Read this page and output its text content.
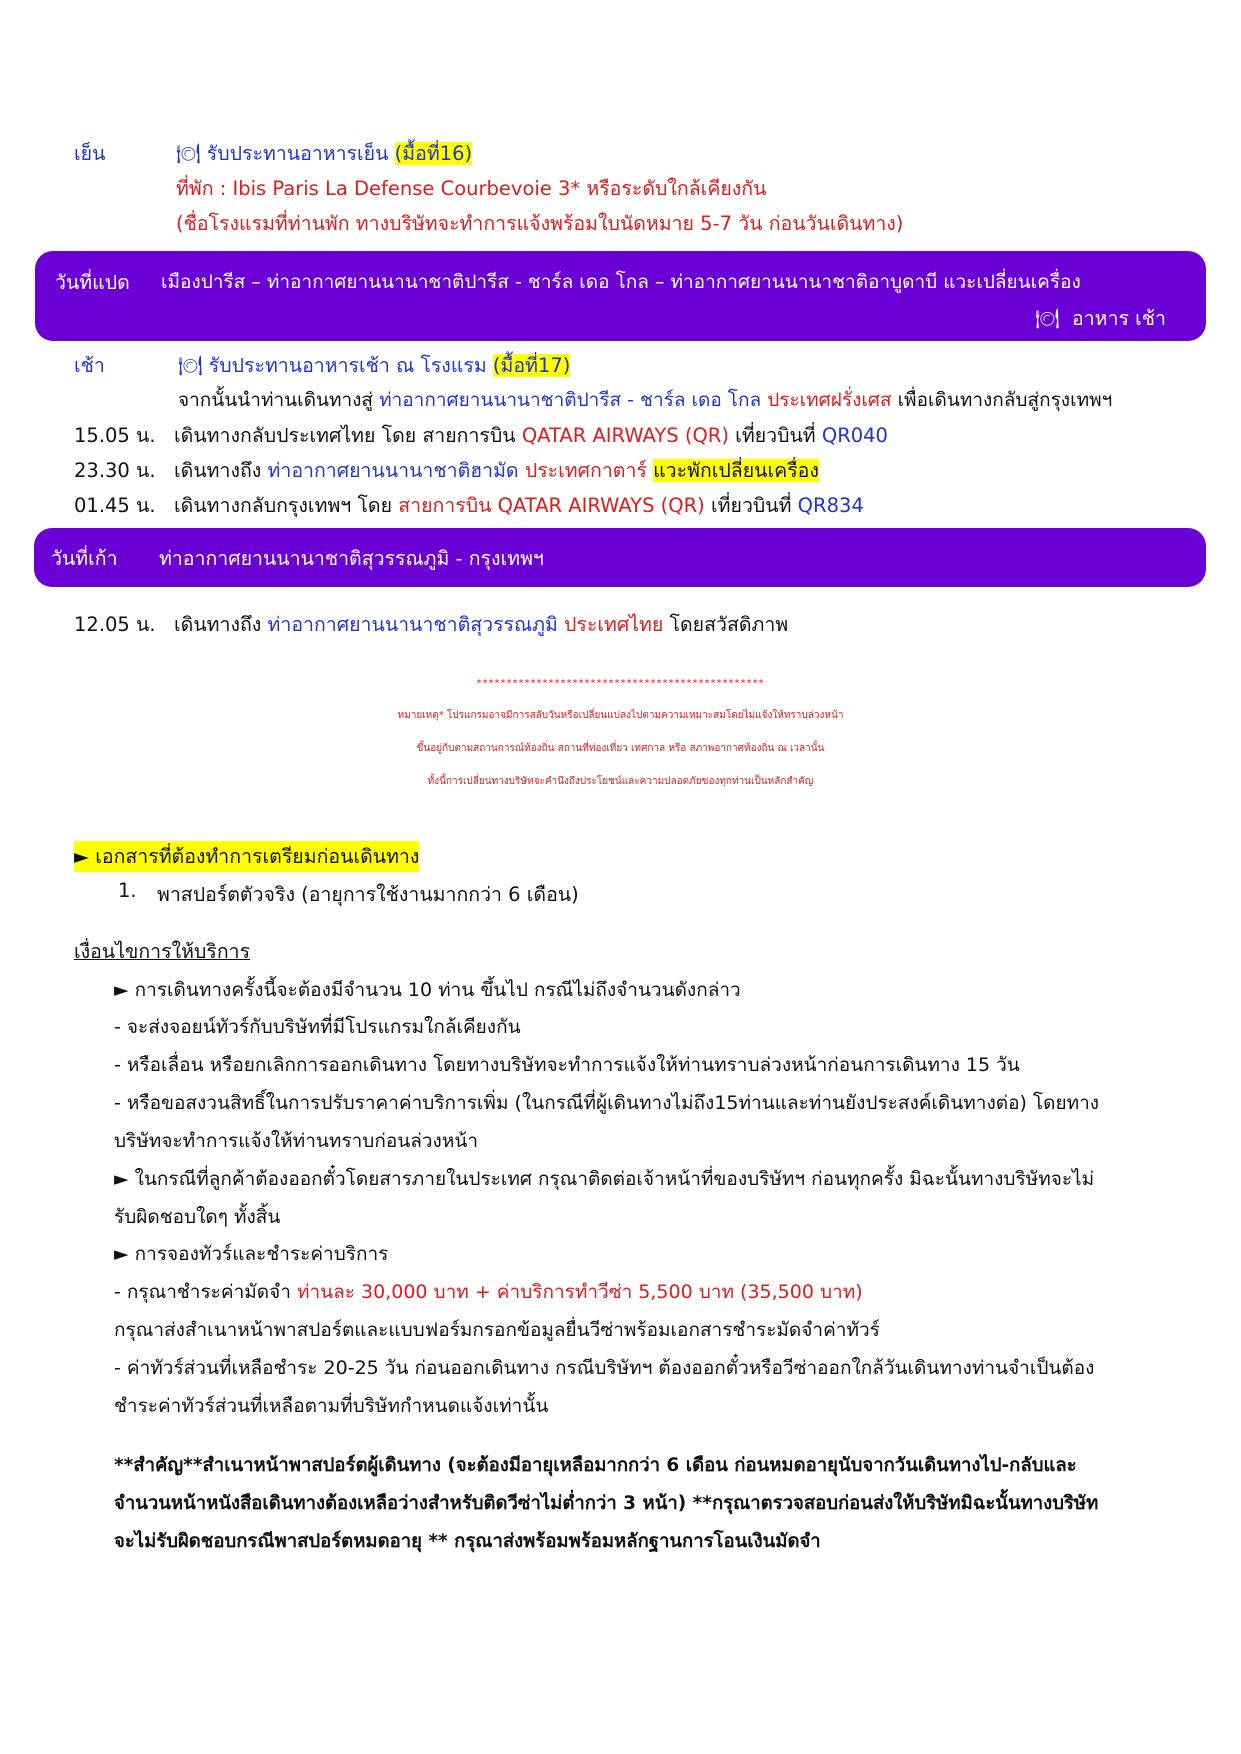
เย็น	🍽 รับประทานอาหารเย็น (มื้อที่16)
ที่พัก : Ibis Paris La Defense Courbevoie 3* หรือระดับใกล้เคียงกัน
(ชื่อโรงแรมที่ท่านพัก ทางบริษัทจะทำการแจ้งพร้อมใบนัดหมาย 5-7 วัน ก่อนวันเดินทาง)
วันที่แปด เมืองปารีส – ท่าอากาศยานนานาชาติปารีส - ชาร์ล เดอ โกล – ท่าอากาศยานนานาชาติอาบูดาบี แวะเปลี่ยนเครื่อง
🍽 อาหาร เช้า
เช้า	🍽 รับประทานอาหารเช้า ณ โรงแรม (มื้อที่17)
จากนั้นนำท่านเดินทางสู่ ท่าอากาศยานนานาชาติปารีส - ชาร์ล เดอ โกล ประเทศฝรั่งเศส เพื่อเดินทางกลับสู่กรุงเทพฯ
15.05 น. เดินทางกลับประเทศไทย โดย สายการบิน QATAR AIRWAYS (QR) เที่ยวบินที่ QR040
23.30 น. เดินทางถึง ท่าอากาศยานนานาชาติฮามัด ประเทศกาตาร์ แวะพักเปลี่ยนเครื่อง
01.45 น. เดินทางกลับกรุงเทพฯ โดย สายการบิน QATAR AIRWAYS (QR) เที่ยวบินที่ QR834
วันที่เก้า ท่าอากาศยานนานาชาติสุวรรณภูมิ - กรุงเทพฯ
12.05 น. เดินทางถึง ท่าอากาศยานนานาชาติสุวรรณภูมิ ประเทศไทย โดยสวัสดิภาพ
************************************************
หมายเหตุ* โปรแกรมอาจมีการสลับวันหรือเปลี่ยนแปลงไปตามความเหมาะสมโดยไม่แจ้งให้ทราบล่วงหน้า
ขึ้นอยู่กับตามสถานการณ์ท้องถิ่น สถานที่ท่องเที่ยว เทศกาล หรือ สภาพอากาศท้องถิ่น ณ เวลานั้น
ทั้งนี้การเปลี่ยนทางบริษัทจะคำนึงถึงประโยชน์และความปลอดภัยของทุกท่านเป็นหลักสำคัญ
► เอกสารที่ต้องทำการเตรียมก่อนเดินทาง
1. พาสปอร์ตตัวจริง (อายุการใช้งานมากกว่า 6 เดือน)
เงื่อนไขการให้บริการ
► การเดินทางครั้งนี้จะต้องมีจำนวน 10 ท่าน ขึ้นไป กรณีไม่ถึงจำนวนดังกล่าว
- จะส่งจอยน์ทัวร์กับบริษัทที่มีโปรแกรมใกล้เคียงกัน
- หรือเลื่อน หรือยกเลิกการออกเดินทาง โดยทางบริษัทจะทำการแจ้งให้ท่านทราบล่วงหน้าก่อนการเดินทาง 15 วัน
- หรือขอสงวนสิทธิ์ในการปรับราคาค่าบริการเพิ่ม (ในกรณีที่ผู้เดินทางไม่ถึง15ท่านและท่านยังประสงค์เดินทางต่อ) โดยทาง
บริษัทจะทำการแจ้งให้ท่านทราบก่อนล่วงหน้า
► ในกรณีที่ลูกค้าต้องออกตั๋วโดยสารภายในประเทศ กรุณาติดต่อเจ้าหน้าที่ของบริษัทฯ ก่อนทุกครั้ง มิฉะนั้นทางบริษัทจะไม่
รับผิดชอบใดๆ ทั้งสิ้น
► การจองทัวร์และชำระค่าบริการ
- กรุณาชำระค่ามัดจำ ท่านละ 30,000 บาท + ค่าบริการทำวีซ่า 5,500 บาท (35,500 บาท)
กรุณาส่งสำเนาหน้าพาสปอร์ตและแบบฟอร์มกรอกข้อมูลยื่นวีซ่าพร้อมเอกสารชำระมัดจำค่าทัวร์
- ค่าทัวร์ส่วนที่เหลือชำระ 20-25 วัน ก่อนออกเดินทาง กรณีบริษัทฯ ต้องออกตั๋วหรือวีซ่าออกใกล้วันเดินทางท่านจำเป็นต้อง
ชำระค่าทัวร์ส่วนที่เหลือตามที่บริษัทกำหนดแจ้งเท่านั้น
**สำคัญ**สำเนาหน้าพาสปอร์ตผู้เดินทาง (จะต้องมีอายุเหลือมากกว่า 6 เดือน ก่อนหมดอายุนับจากวันเดินทางไป-กลับและ
จำนวนหน้าหนังสือเดินทางต้องเหลือว่างสำหรับติดวีซ่าไม่ต่ำกว่า 3 หน้า) **กรุณาตรวจสอบก่อนส่งให้บริษัทมิฉะนั้นทางบริษัท
จะไม่รับผิดชอบกรณีพาสปอร์ตหมดอายุ ** กรุณาส่งพร้อมพร้อมหลักฐานการโอนเงินมัดจำ
